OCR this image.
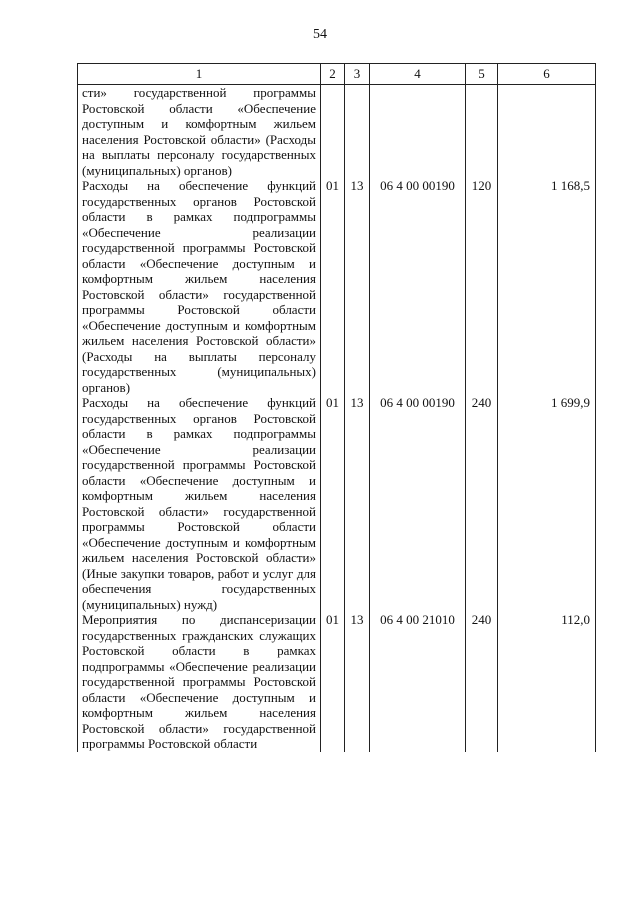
54
1	2	3	4	5	6
сти» государственной программы Ростовской области «Обеспечение доступным и комфортным жильем населения Ростовской области» (Расходы на выплаты персоналу государственных (муниципальных) органов)					
Расходы на обеспечение функций государственных органов Ростовской области в рамках подпрограммы «Обеспечение реализации государственной программы Ростовской области «Обеспечение доступным и комфортным жильем населения Ростовской области» государственной программы Ростовской области «Обеспечение доступным и комфортным жильем населения Ростовской области» (Расходы на выплаты персоналу государственных (муниципальных) органов)	01	13	06 4 00 00190	120	1 168,5
Расходы на обеспечение функций государственных органов Ростовской области в рамках подпрограммы «Обеспечение реализации государственной программы Ростовской области «Обеспечение доступным и комфортным жильем населения Ростовской области» государственной программы Ростовской области «Обеспечение доступным и комфортным жильем населения Ростовской области» (Иные закупки товаров, работ и услуг для обеспечения государственных (муниципальных) нужд)	01	13	06 4 00 00190	240	1 699,9
Мероприятия по диспансеризации государственных гражданских служащих Ростовской области в рамках подпрограммы «Обеспечение реализации государственной программы Ростовской области «Обеспечение доступным и комфортным жильем населения Ростовской области» государственной программы Ростовской области	01	13	06 4 00 21010	240	112,0
